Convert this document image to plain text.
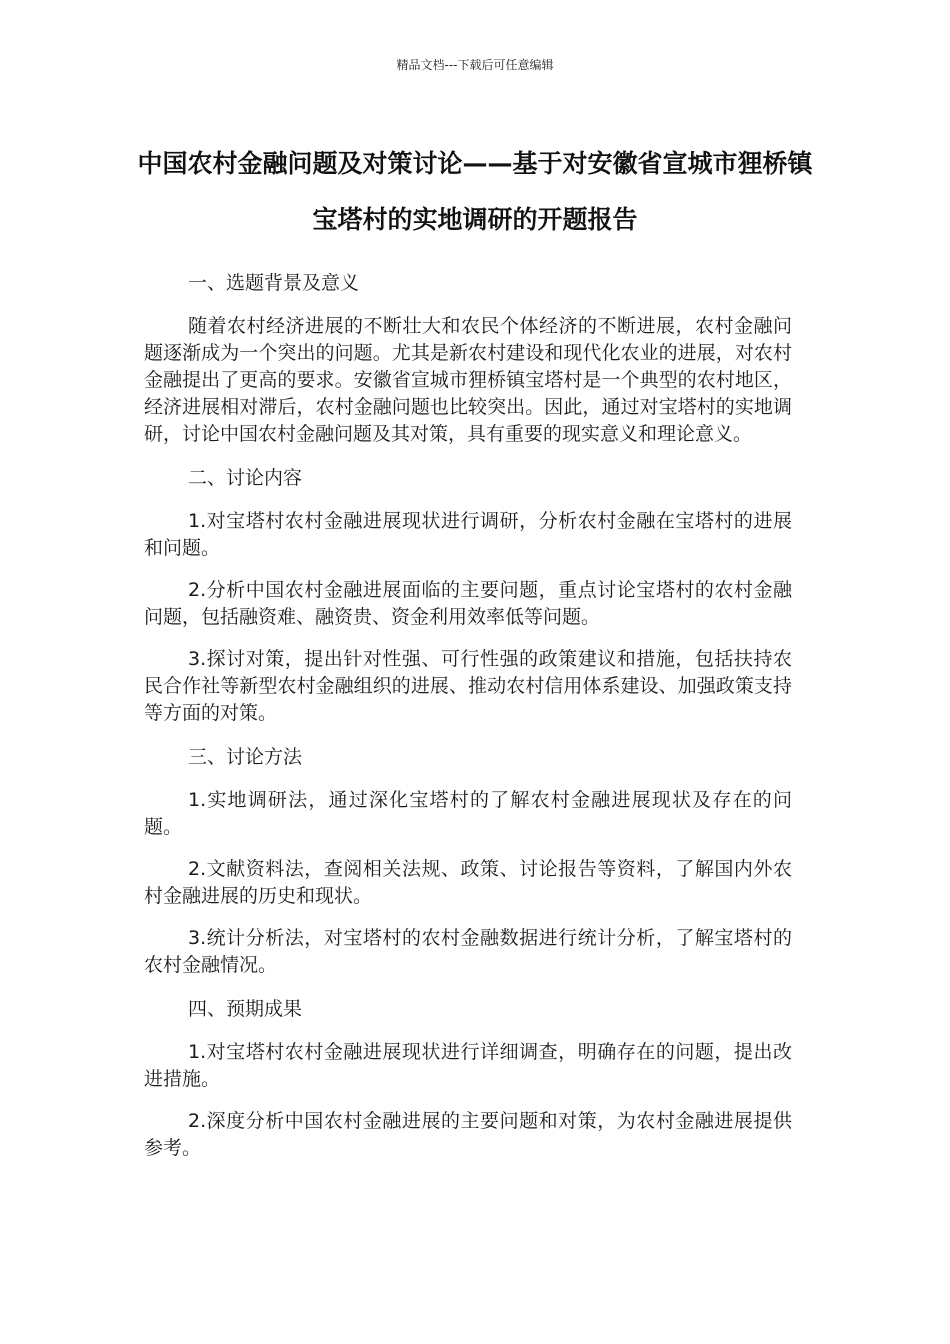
精品文档---下载后可任意编辑
中国农村金融问题及对策讨论——基于对安徽省宣城市狸桥镇宝塔村的实地调研的开题报告
一、选题背景及意义
随着农村经济进展的不断壮大和农民个体经济的不断进展，农村金融问题逐渐成为一个突出的问题。尤其是新农村建设和现代化农业的进展，对农村金融提出了更高的要求。安徽省宣城市狸桥镇宝塔村是一个典型的农村地区，经济进展相对滞后，农村金融问题也比较突出。因此，通过对宝塔村的实地调研，讨论中国农村金融问题及其对策，具有重要的现实意义和理论意义。
二、讨论内容
1.对宝塔村农村金融进展现状进行调研，分析农村金融在宝塔村的进展和问题。
2.分析中国农村金融进展面临的主要问题，重点讨论宝塔村的农村金融问题，包括融资难、融资贵、资金利用效率低等问题。
3.探讨对策，提出针对性强、可行性强的政策建议和措施，包括扶持农民合作社等新型农村金融组织的进展、推动农村信用体系建设、加强政策支持等方面的对策。
三、讨论方法
1.实地调研法，通过深化宝塔村的了解农村金融进展现状及存在的问题。
2.文献资料法，查阅相关法规、政策、讨论报告等资料，了解国内外农村金融进展的历史和现状。
3.统计分析法，对宝塔村的农村金融数据进行统计分析，了解宝塔村的农村金融情况。
四、预期成果
1.对宝塔村农村金融进展现状进行详细调查，明确存在的问题，提出改进措施。
2.深度分析中国农村金融进展的主要问题和对策，为农村金融进展提供参考。
